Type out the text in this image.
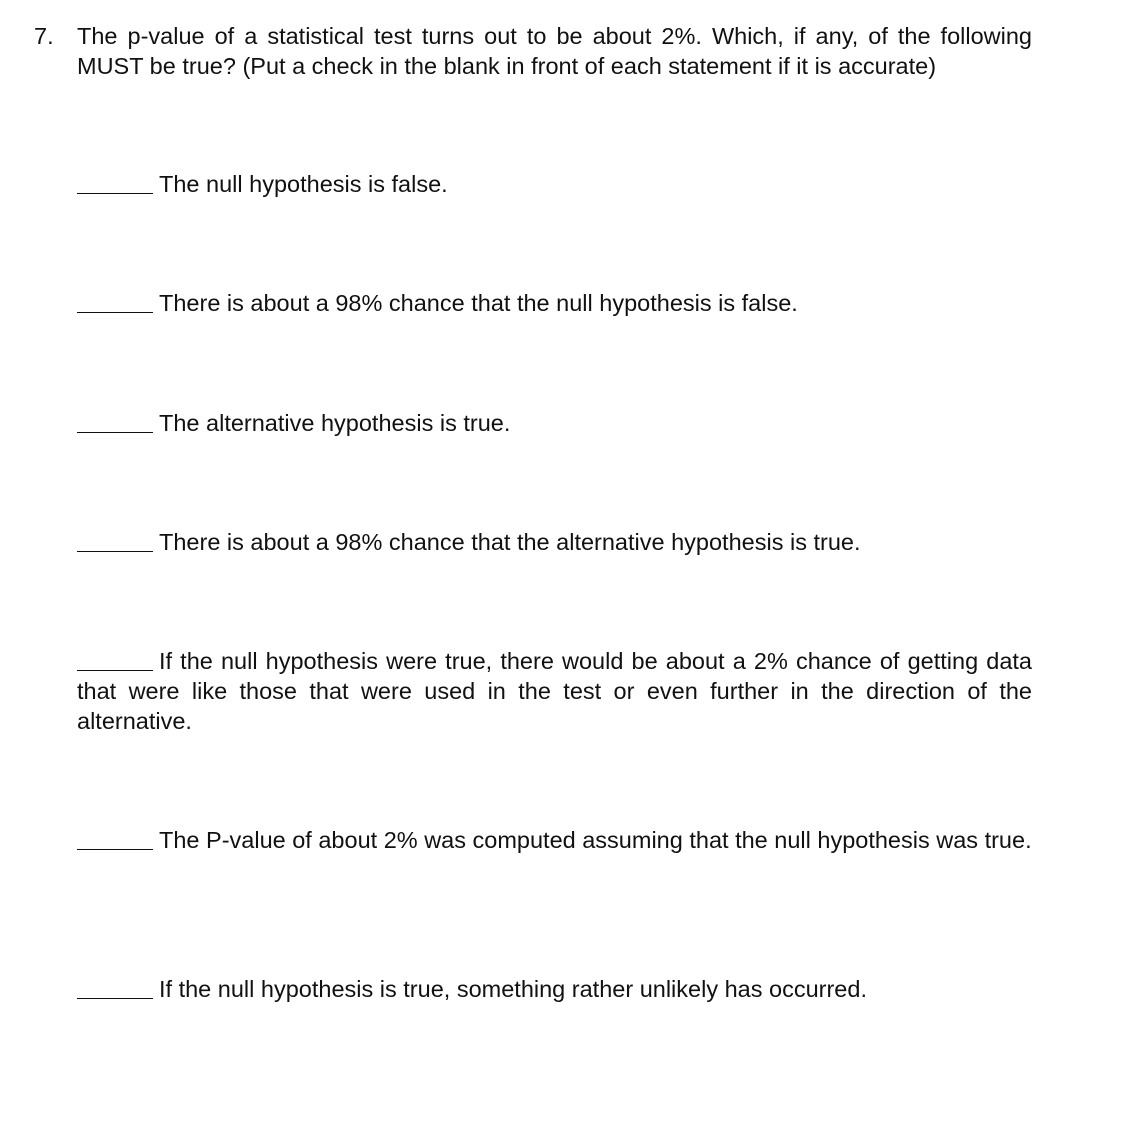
7. The p-value of a statistical test turns out to be about 2%. Which, if any, of the following MUST be true? (Put a check in the blank in front of each statement if it is accurate)
The null hypothesis is false.
There is about a 98% chance that the null hypothesis is false.
The alternative hypothesis is true.
There is about a 98% chance that the alternative hypothesis is true.
If the null hypothesis were true, there would be about a 2% chance of getting data that were like those that were used in the test or even further in the direction of the alternative.
The P-value of about 2% was computed assuming that the null hypothesis was true.
If the null hypothesis is true, something rather unlikely has occurred.
